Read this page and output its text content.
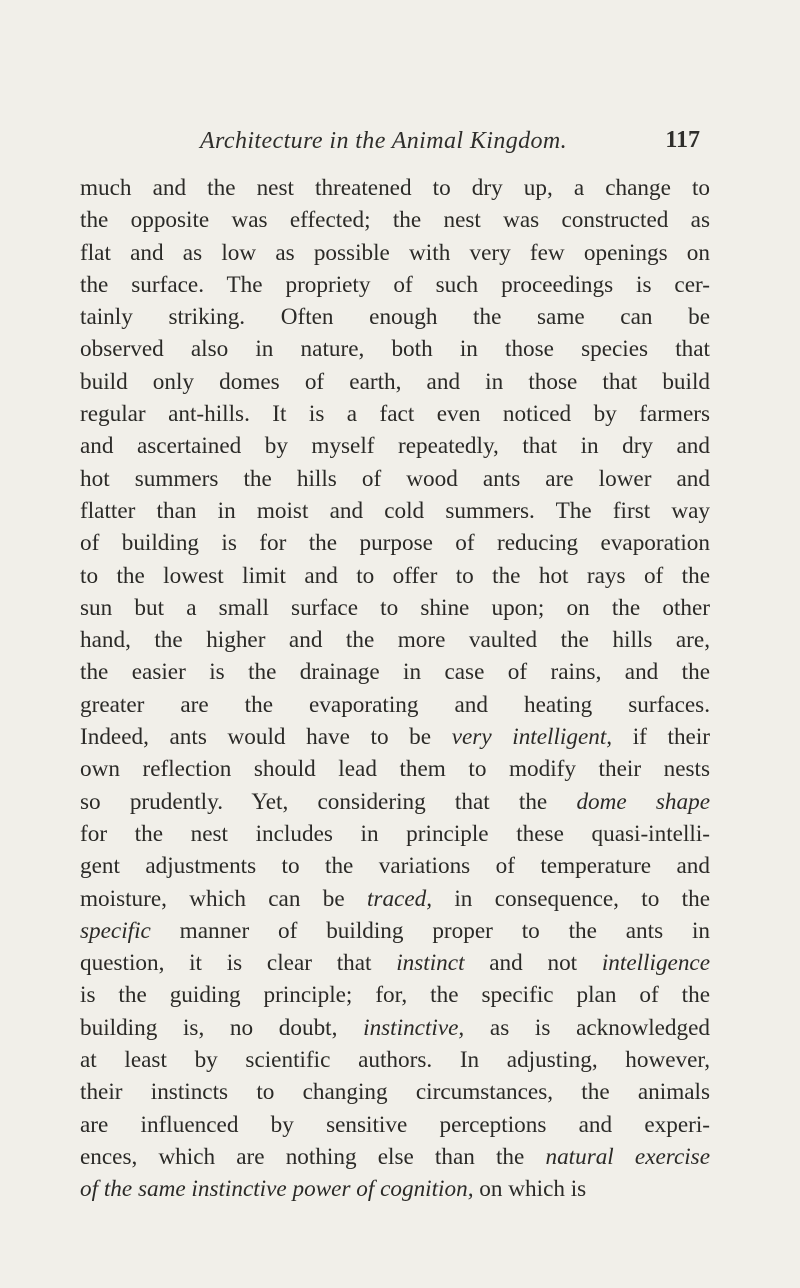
Architecture in the Animal Kingdom.	117
much and the nest threatened to dry up, a change to
the opposite was effected; the nest was constructed as
flat and as low as possible with very few openings on
the surface. The propriety of such proceedings is cer-
tainly striking. Often enough the same can be
observed also in nature, both in those species that
build only domes of earth, and in those that build
regular ant-hills. It is a fact even noticed by farmers
and ascertained by myself repeatedly, that in dry and
hot summers the hills of wood ants are lower and
flatter than in moist and cold summers. The first way
of building is for the purpose of reducing evaporation
to the lowest limit and to offer to the hot rays of the
sun but a small surface to shine upon; on the other
hand, the higher and the more vaulted the hills are,
the easier is the drainage in case of rains, and the
greater are the evaporating and heating surfaces.
Indeed, ants would have to be very intelligent, if their
own reflection should lead them to modify their nests
so prudently. Yet, considering that the dome shape
for the nest includes in principle these quasi-intelli-
gent adjustments to the variations of temperature and
moisture, which can be traced, in consequence, to the
specific manner of building proper to the ants in
question, it is clear that instinct and not intelligence
is the guiding principle; for, the specific plan of the
building is, no doubt, instinctive, as is acknowledged
at least by scientific authors. In adjusting, however,
their instincts to changing circumstances, the animals
are influenced by sensitive perceptions and experi-
ences, which are nothing else than the natural exercise
of the same instinctive power of cognition, on which is
